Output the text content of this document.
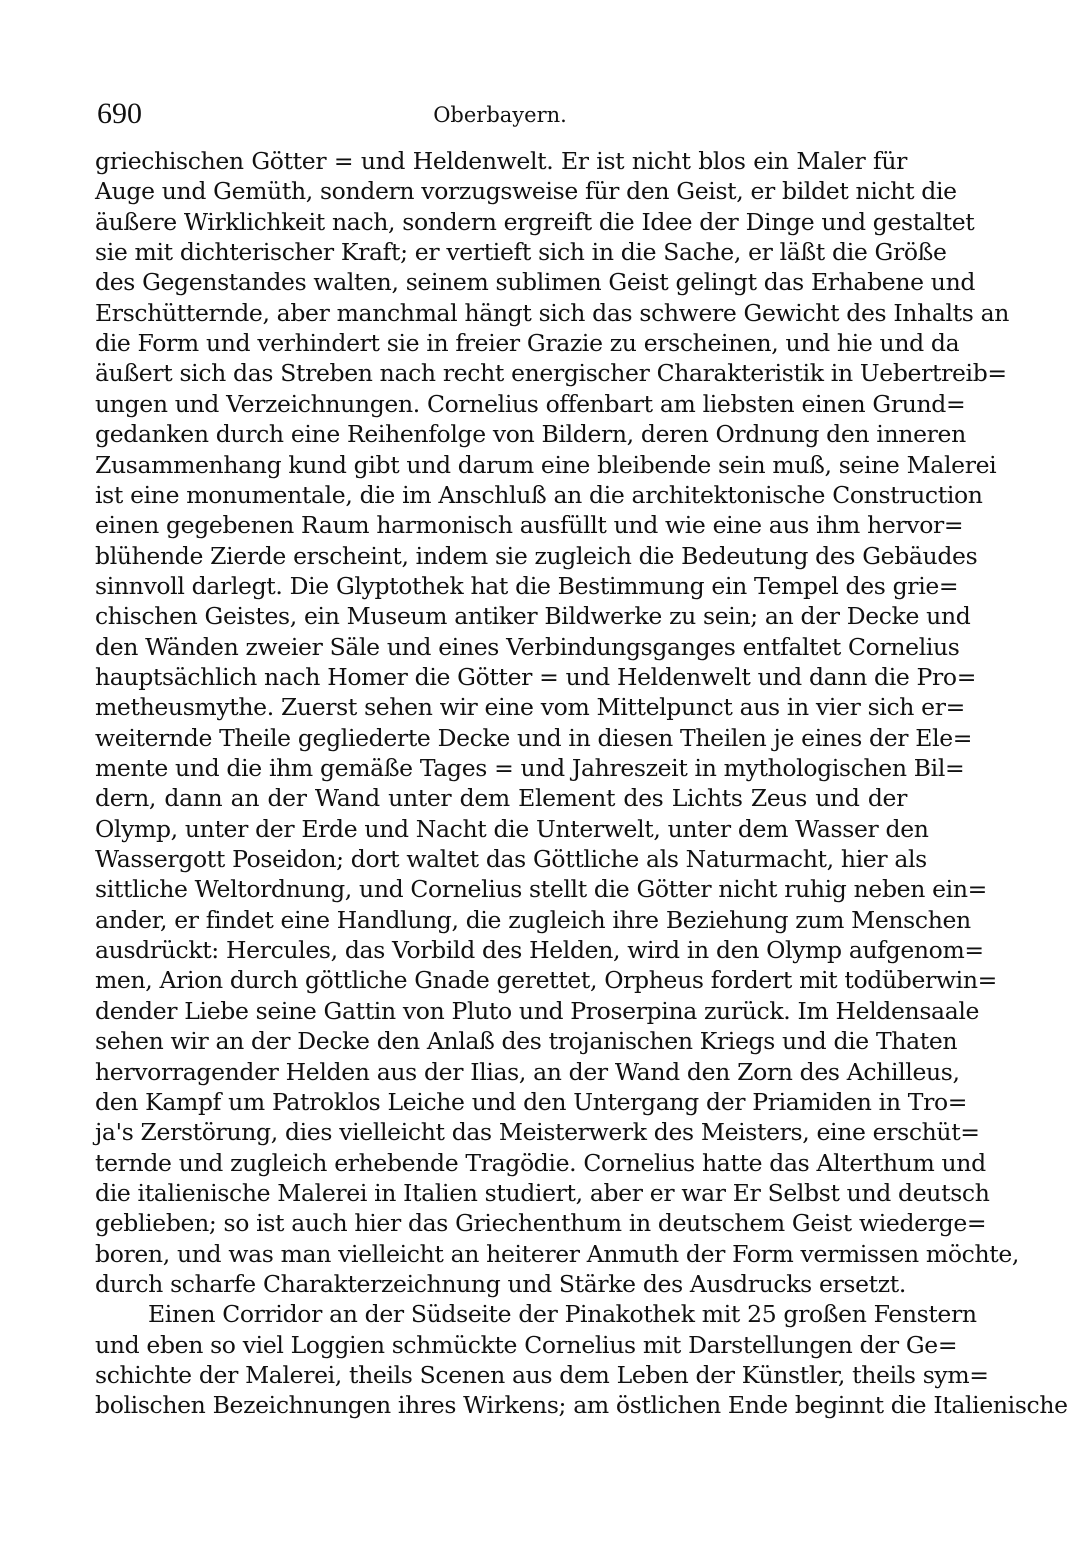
690	Oberbayern.
griechischen Götter = und Heldenwelt. Er ist nicht blos ein Maler für
Auge und Gemüth, sondern vorzugsweise für den Geist, er bildet nicht die
äußere Wirklichkeit nach, sondern ergreift die Idee der Dinge und gestaltet
sie mit dichterischer Kraft; er vertieft sich in die Sache, er läßt die Größe
des Gegenstandes walten, seinem sublimen Geist gelingt das Erhabene und
Erschütternde, aber manchmal hängt sich das schwere Gewicht des Inhalts an
die Form und verhindert sie in freier Grazie zu erscheinen, und hie und da
äußert sich das Streben nach recht energischer Charakteristik in Uebertreib=
ungen und Verzeichnungen. Cornelius offenbart am liebsten einen Grund=
gedanken durch eine Reihenfolge von Bildern, deren Ordnung den inneren
Zusammenhang kund gibt und darum eine bleibende sein muß, seine Malerei
ist eine monumentale, die im Anschluß an die architektonische Construction
einen gegebenen Raum harmonisch ausfüllt und wie eine aus ihm hervor=
blühende Zierde erscheint, indem sie zugleich die Bedeutung des Gebäudes
sinnvoll darlegt. Die Glyptothek hat die Bestimmung ein Tempel des grie=
chischen Geistes, ein Museum antiker Bildwerke zu sein; an der Decke und
den Wänden zweier Säle und eines Verbindungsganges entfaltet Cornelius
hauptsächlich nach Homer die Götter = und Heldenwelt und dann die Pro=
metheusmythe. Zuerst sehen wir eine vom Mittelpunct aus in vier sich er=
weiternde Theile gegliederte Decke und in diesen Theilen je eines der Ele=
mente und die ihm gemäße Tages = und Jahreszeit in mythologischen Bil=
dern, dann an der Wand unter dem Element des Lichts Zeus und der
Olymp, unter der Erde und Nacht die Unterwelt, unter dem Wasser den
Wassergott Poseidon; dort waltet das Göttliche als Naturmacht, hier als
sittliche Weltordnung, und Cornelius stellt die Götter nicht ruhig neben ein=
ander, er findet eine Handlung, die zugleich ihre Beziehung zum Menschen
ausdrückt: Hercules, das Vorbild des Helden, wird in den Olymp aufgenom=
men, Arion durch göttliche Gnade gerettet, Orpheus fordert mit todüberwin=
dender Liebe seine Gattin von Pluto und Proserpina zurück. Im Heldensaale
sehen wir an der Decke den Anlaß des trojanischen Kriegs und die Thaten
hervorragender Helden aus der Ilias, an der Wand den Zorn des Achilleus,
den Kampf um Patroklos Leiche und den Untergang der Priamiden in Tro=
ja's Zerstörung, dies vielleicht das Meisterwerk des Meisters, eine erschüt=
ternde und zugleich erhebende Tragödie. Cornelius hatte das Alterthum und
die italienische Malerei in Italien studiert, aber er war Er Selbst und deutsch
geblieben; so ist auch hier das Griechenthum in deutschem Geist wiederge=
boren, und was man vielleicht an heiterer Anmuth der Form vermissen möchte,
durch scharfe Charakterzeichnung und Stärke des Ausdrucks ersetzt.
Einen Corridor an der Südseite der Pinakothek mit 25 großen Fenstern
und eben so viel Loggien schmückte Cornelius mit Darstellungen der Ge=
schichte der Malerei, theils Scenen aus dem Leben der Künstler, theils sym=
bolischen Bezeichnungen ihres Wirkens; am östlichen Ende beginnt die Italienische
